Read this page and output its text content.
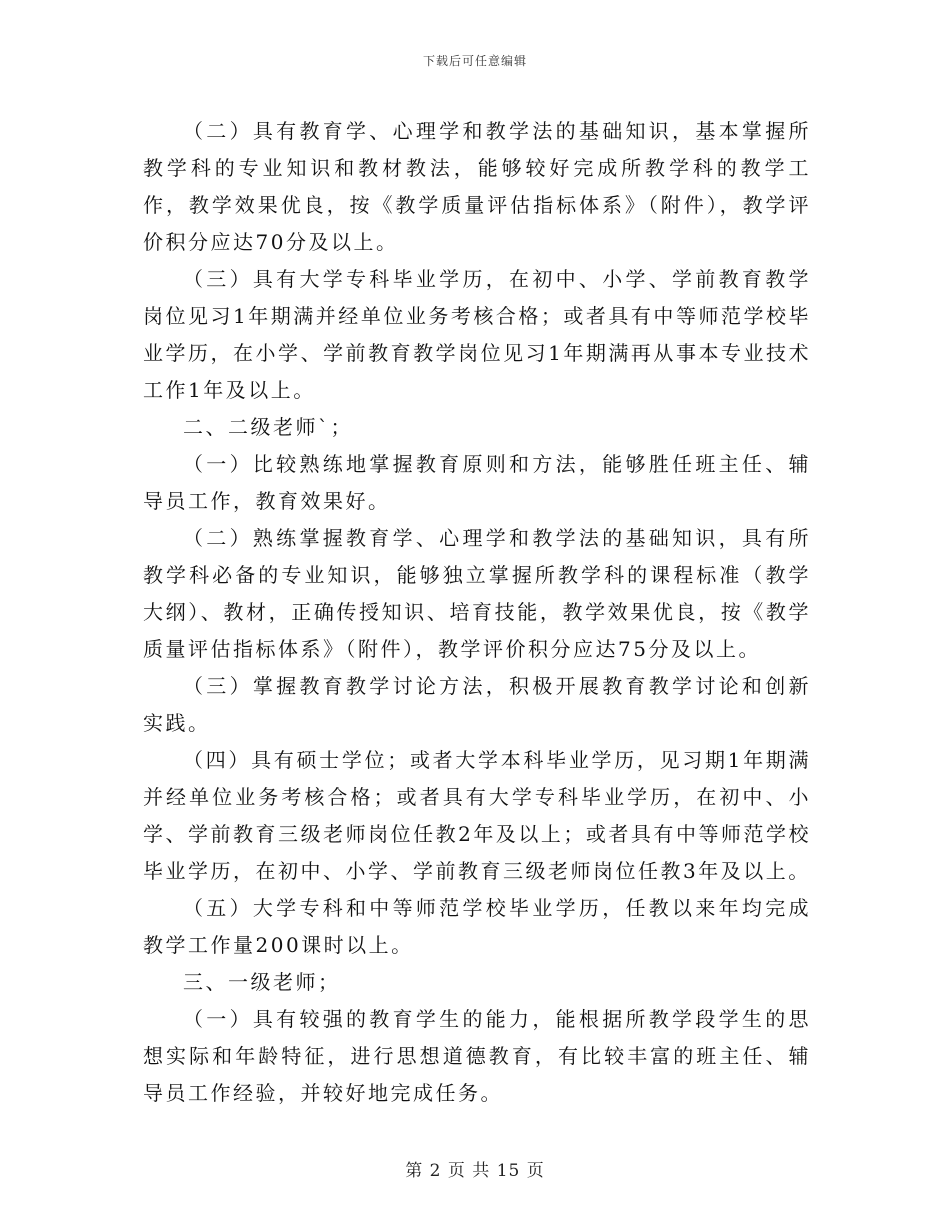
下载后可任意编辑

（二）具有教育学、心理学和教学法的基础知识，基本掌握所教学科的专业知识和教材教法，能够较好完成所教学科的教学工作，教学效果优良，按《教学质量评估指标体系》（附件），教学评价积分应达70分及以上。

（三）具有大学专科毕业学历，在初中、小学、学前教育教学岗位见习1年期满并经单位业务考核合格；或者具有中等师范学校毕业学历，在小学、学前教育教学岗位见习1年期满再从事本专业技术工作1年及以上。

二、二级老师`；

（一）比较熟练地掌握教育原则和方法，能够胜任班主任、辅导员工作，教育效果好。

（二）熟练掌握教育学、心理学和教学法的基础知识，具有所教学科必备的专业知识，能够独立掌握所教学科的课程标准（教学大纲）、教材，正确传授知识、培育技能，教学效果优良，按《教学质量评估指标体系》（附件），教学评价积分应达75分及以上。

（三）掌握教育教学讨论方法，积极开展教育教学讨论和创新实践。

（四）具有硕士学位；或者大学本科毕业学历，见习期1年期满并经单位业务考核合格；或者具有大学专科毕业学历，在初中、小学、学前教育三级老师岗位任教2年及以上；或者具有中等师范学校毕业学历，在初中、小学、学前教育三级老师岗位任教3年及以上。

（五）大学专科和中等师范学校毕业学历，任教以来年均完成教学工作量200课时以上。

三、一级老师；

（一）具有较强的教育学生的能力，能根据所教学段学生的思想实际和年龄特征，进行思想道德教育，有比较丰富的班主任、辅导员工作经验，并较好地完成任务。

第 2 页 共 15 页
